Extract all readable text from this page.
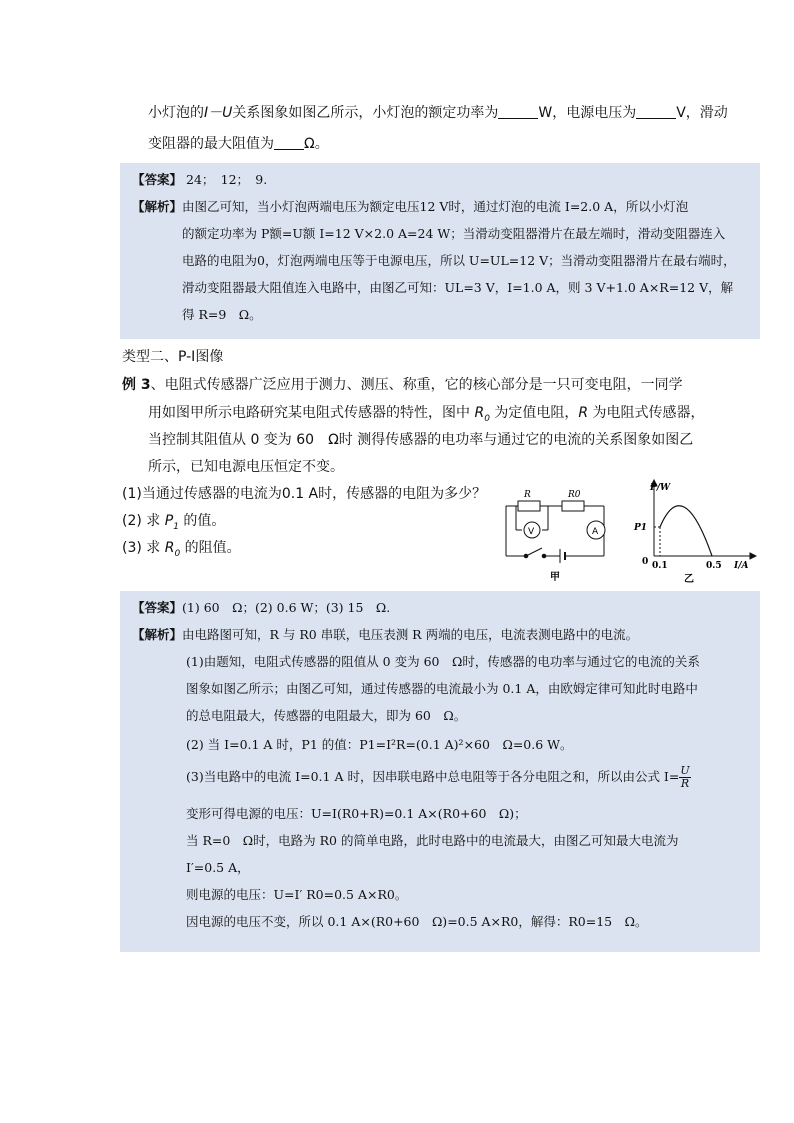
小灯泡的I－U关系图象如图乙所示，小灯泡的额定功率为	W，电源电压为	V，滑动
变阻器的最大阻值为 Ω。
【答案】 24；　12；　9.
【解析】由图乙可知，当小灯泡两端电压为额定电压12 V时，通过灯泡的电流 I=2.0 A，所以小灯泡
的额定功率为 P额=U额 I=12 V×2.0 A=24 W；当滑动变阻器滑片在最左端时，滑动变阻器连入
电路的电阻为0，灯泡两端电压等于电源电压，所以 U=UL=12 V；当滑动变阻器滑片在最右端时，
滑动变阻器最大阻值连入电路中，由图乙可知：UL=3 V，I=1.0 A，则 3 V+1.0 A×R=12 V，解
得 R=9　Ω。
类型二、P-I图像
例 3、电阻式传感器广泛应用于测力、测压、称重，它的核心部分是一只可变电阻，一同学
用如图甲所示电路研究某电阻式传感器的特性，图中 $R_0$ 为定值电阻，R 为电阻式传感器，
当控制其阻值从 0 变为 60　Ω时 测得传感器的电功率与通过它的电流的关系图象如图乙
所示，已知电源电压恒定不变。
(1)当通过传感器的电流为0.1 A时，传感器的电阻为多少？
(2) 求 $P_1$ 的值。
(3) 求 $R_0$ 的阻值。
R	R0
V	A
甲
P/W
P1
0 0.1	0.5 I/A
乙
【答案】(1) 60　Ω；(2) 0.6 W；(3) 15　Ω.
【解析】由电路图可知，R 与 R0 串联，电压表测 R 两端的电压，电流表测电路中的电流。
(1)由题知，电阻式传感器的阻值从 0 变为 60　Ω时，传感器的电功率与通过它的电流的关系
图象如图乙所示；由图乙可知，通过传感器的电流最小为 0.1 A，由欧姆定律可知此时电路中
的总电阻最大，传感器的电阻最大，即为 60　Ω。
(2) 当 I=0.1 A 时，P1 的值：P1=I²R=(0.1 A)²×60　Ω=0.6 W。
(3)当电路中的电流 I=0.1 A 时，因串联电路中总电阻等于各分电阻之和，所以由公式 $I= \frac{U}{R}$
变形可得电源的电压：U=I(R0+R)=0.1 A×(R0+60　Ω)；
当 R=0　Ω时，电路为 R0 的简单电路，此时电路中的电流最大，由图乙可知最大电流为
I′=0.5 A，
则电源的电压：U=I′ R0=0.5 A×R0。
因电源的电压不变，所以 0.1 A×(R0+60　Ω)=0.5 A×R0，解得：R0=15　Ω。
